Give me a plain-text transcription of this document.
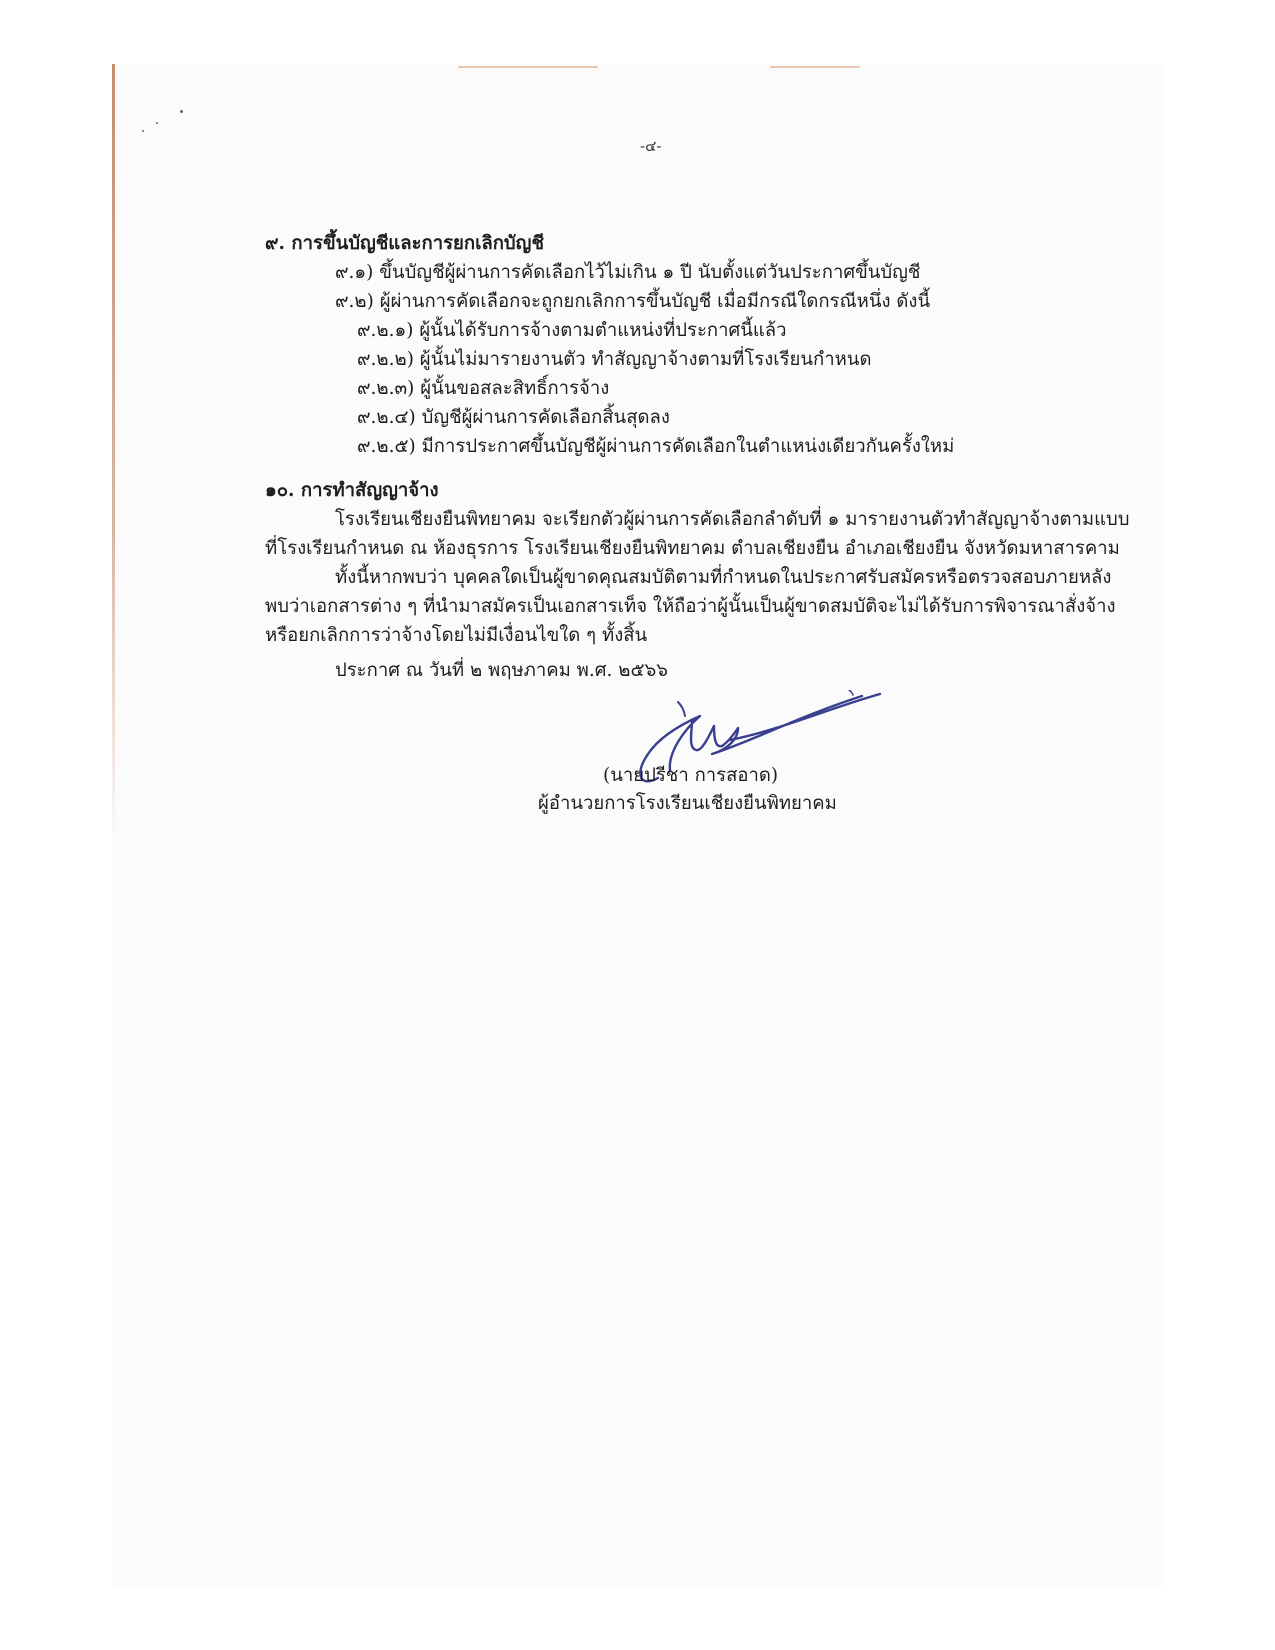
-๔-
๙. การขึ้นบัญชีและการยกเลิกบัญชี
๙.๑) ขึ้นบัญชีผู้ผ่านการคัดเลือกไว้ไม่เกิน ๑ ปี นับตั้งแต่วันประกาศขึ้นบัญชี
๙.๒) ผู้ผ่านการคัดเลือกจะถูกยกเลิกการขึ้นบัญชี เมื่อมีกรณีใดกรณีหนึ่ง ดังนี้
๙.๒.๑) ผู้นั้นได้รับการจ้างตามตำแหน่งที่ประกาศนี้แล้ว
๙.๒.๒) ผู้นั้นไม่มารายงานตัว ทำสัญญาจ้างตามที่โรงเรียนกำหนด
๙.๒.๓) ผู้นั้นขอสละสิทธิ์การจ้าง
๙.๒.๔) บัญชีผู้ผ่านการคัดเลือกสิ้นสุดลง
๙.๒.๕) มีการประกาศขึ้นบัญชีผู้ผ่านการคัดเลือกในตำแหน่งเดียวกันครั้งใหม่
๑๐. การทำสัญญาจ้าง
โรงเรียนเชียงยืนพิทยาคม จะเรียกตัวผู้ผ่านการคัดเลือกลำดับที่ ๑ มารายงานตัวทำสัญญาจ้างตามแบบ
ที่โรงเรียนกำหนด ณ ห้องธุรการ โรงเรียนเชียงยืนพิทยาคม ตำบลเชียงยืน อำเภอเชียงยืน จังหวัดมหาสารคาม
ทั้งนี้หากพบว่า บุคคลใดเป็นผู้ขาดคุณสมบัติตามที่กำหนดในประกาศรับสมัครหรือตรวจสอบภายหลัง
พบว่าเอกสารต่าง ๆ ที่นำมาสมัครเป็นเอกสารเท็จ ให้ถือว่าผู้นั้นเป็นผู้ขาดสมบัติจะไม่ได้รับการพิจารณาสั่งจ้าง
หรือยกเลิกการว่าจ้างโดยไม่มีเงื่อนไขใด ๆ ทั้งสิ้น
ประกาศ ณ วันที่ ๒ พฤษภาคม พ.ศ. ๒๕๖๖
(นายปรีชา การสอาด)
ผู้อำนวยการโรงเรียนเชียงยืนพิทยาคม
